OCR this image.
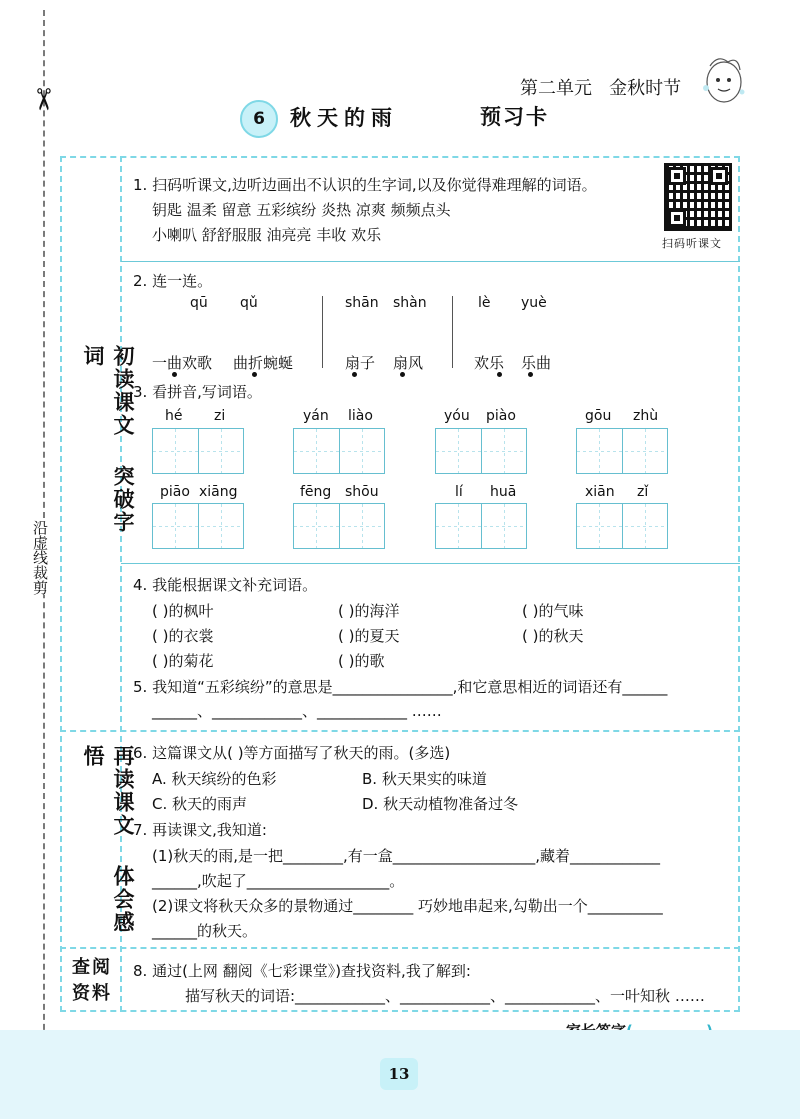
✂
沿虚线裁剪
第二单元 金秋时节
6	秋天的雨	预习卡
初读课文   突破字词
再读课文   体会感悟
查阅
资料
1. 扫码听课文,边听边画出不认识的生字词,以及你觉得难理解的词语。
钥匙 温柔 留意 五彩缤纷 炎热 凉爽 频频点头
小喇叭 舒舒服服 油亮亮 丰收 欢乐	扫码听课文
2. 连一连。
qū qǔ	shān shàn	lè yuè
一曲欢歌 曲折蜿蜒	扇子 扇风	欢乐 乐曲
3. 看拼音,写词语。
hé zi	yán liào	yóu piào	gōu zhù
piāo xiāng	fēng shōu	lí huā	xiān zǐ
4. 我能根据课文补充词语。
( )的枫叶	( )的海洋	( )的气味
( )的衣裳	( )的夏天	( )的秋天
( )的菊花	( )的歌
5. 我知道“五彩缤纷”的意思是________________,和它意思相近的词语还有______
______、____________、____________ ……
6. 这篇课文从( )等方面描写了秋天的雨。(多选)
A. 秋天缤纷的色彩	B. 秋天果实的味道
C. 秋天的雨声	D. 秋天动植物准备过冬
7. 再读课文,我知道:
(1)秋天的雨,是一把________,有一盒___________________,藏着____________
______,吹起了___________________。
(2)课文将秋天众多的景物通过________ 巧妙地串起来,勾勒出一个__________
______的秋天。
8. 通过(上网 翻阅《七彩课堂》)查找资料,我了解到:
描写秋天的词语:____________、____________、____________、一叶知秋 ……
13
